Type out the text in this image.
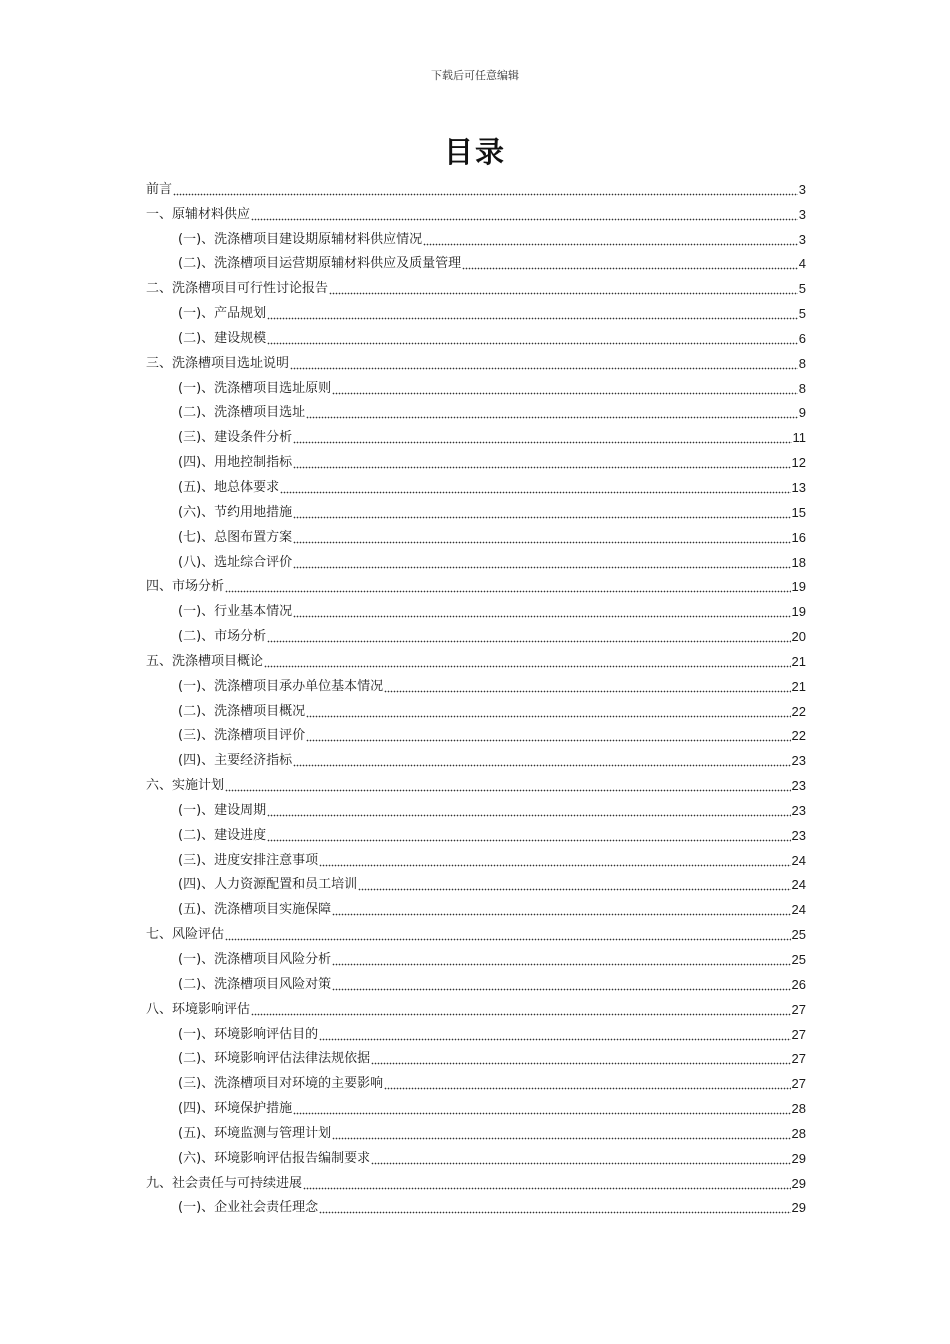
下载后可任意编辑
目录
前言	3
一、原辅材料供应	3
(一)、洗涤槽项目建设期原辅材料供应情况	3
(二)、洗涤槽项目运营期原辅材料供应及质量管理	4
二、洗涤槽项目可行性讨论报告	5
(一)、产品规划	5
(二)、建设规模	6
三、洗涤槽项目选址说明	8
(一)、洗涤槽项目选址原则	8
(二)、洗涤槽项目选址	9
(三)、建设条件分析	11
(四)、用地控制指标	12
(五)、地总体要求	13
(六)、节约用地措施	15
(七)、总图布置方案	16
(八)、选址综合评价	18
四、市场分析	19
(一)、行业基本情况	19
(二)、市场分析	20
五、洗涤槽项目概论	21
(一)、洗涤槽项目承办单位基本情况	21
(二)、洗涤槽项目概况	22
(三)、洗涤槽项目评价	22
(四)、主要经济指标	23
六、实施计划	23
(一)、建设周期	23
(二)、建设进度	23
(三)、进度安排注意事项	24
(四)、人力资源配置和员工培训	24
(五)、洗涤槽项目实施保障	24
七、风险评估	25
(一)、洗涤槽项目风险分析	25
(二)、洗涤槽项目风险对策	26
八、环境影响评估	27
(一)、环境影响评估目的	27
(二)、环境影响评估法律法规依据	27
(三)、洗涤槽项目对环境的主要影响	27
(四)、环境保护措施	28
(五)、环境监测与管理计划	28
(六)、环境影响评估报告编制要求	29
九、社会责任与可持续进展	29
(一)、企业社会责任理念	29
